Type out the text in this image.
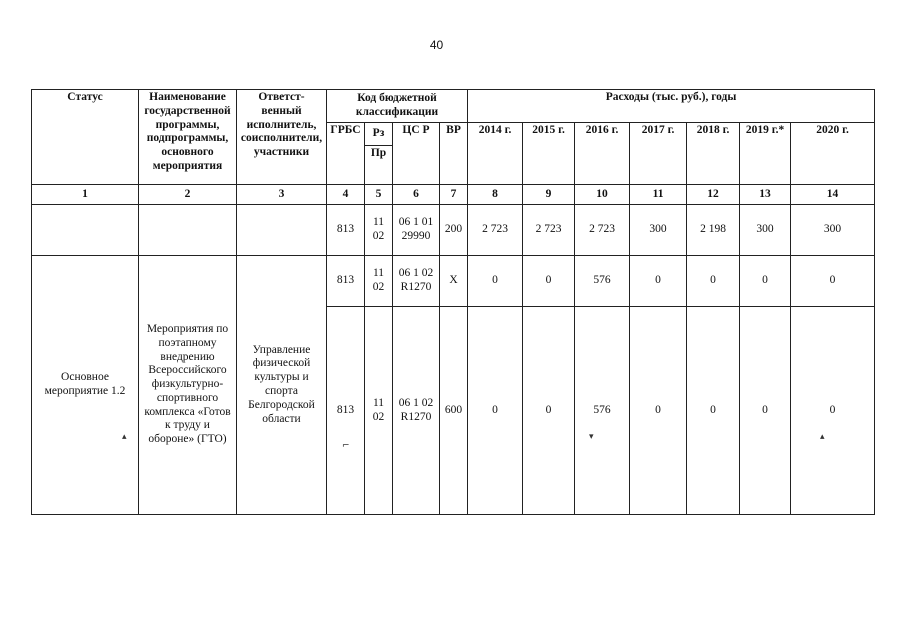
40
Статус	Наименование государственной программы, подпрограммы, основного мероприятия	Ответст-венный исполнитель, соисполнители, участники	Код бюджетной классификации				Расходы (тыс. руб.), годы						
			ГРБС	Рз	ЦС Р	ВР	2014 г.	2015 г.	2016 г.	2017 г.	2018 г.	2019 г.*	2020 г.
				Пр									
1	2	3	4	5	6	7	8	9	10	11	12	13	14
			813	11 02	06 1 01 29990	200	2 723	2 723	2 723	300	2 198	300	300
Основное мероприятие 1.2	Мероприятия по поэтапному внедрению Всероссийского физкультурно-спортивного комплекса «Готов к труду и обороне» (ГТО)	Управление физической культуры и спорта Белгородской области	813	11 02	06 1 02 R1270	Х	0	0	576	0	0	0	0
			813	11 02	06 1 02 R1270	600	0	0	576	0	0	0	0
▴
⌐
▾	▴
